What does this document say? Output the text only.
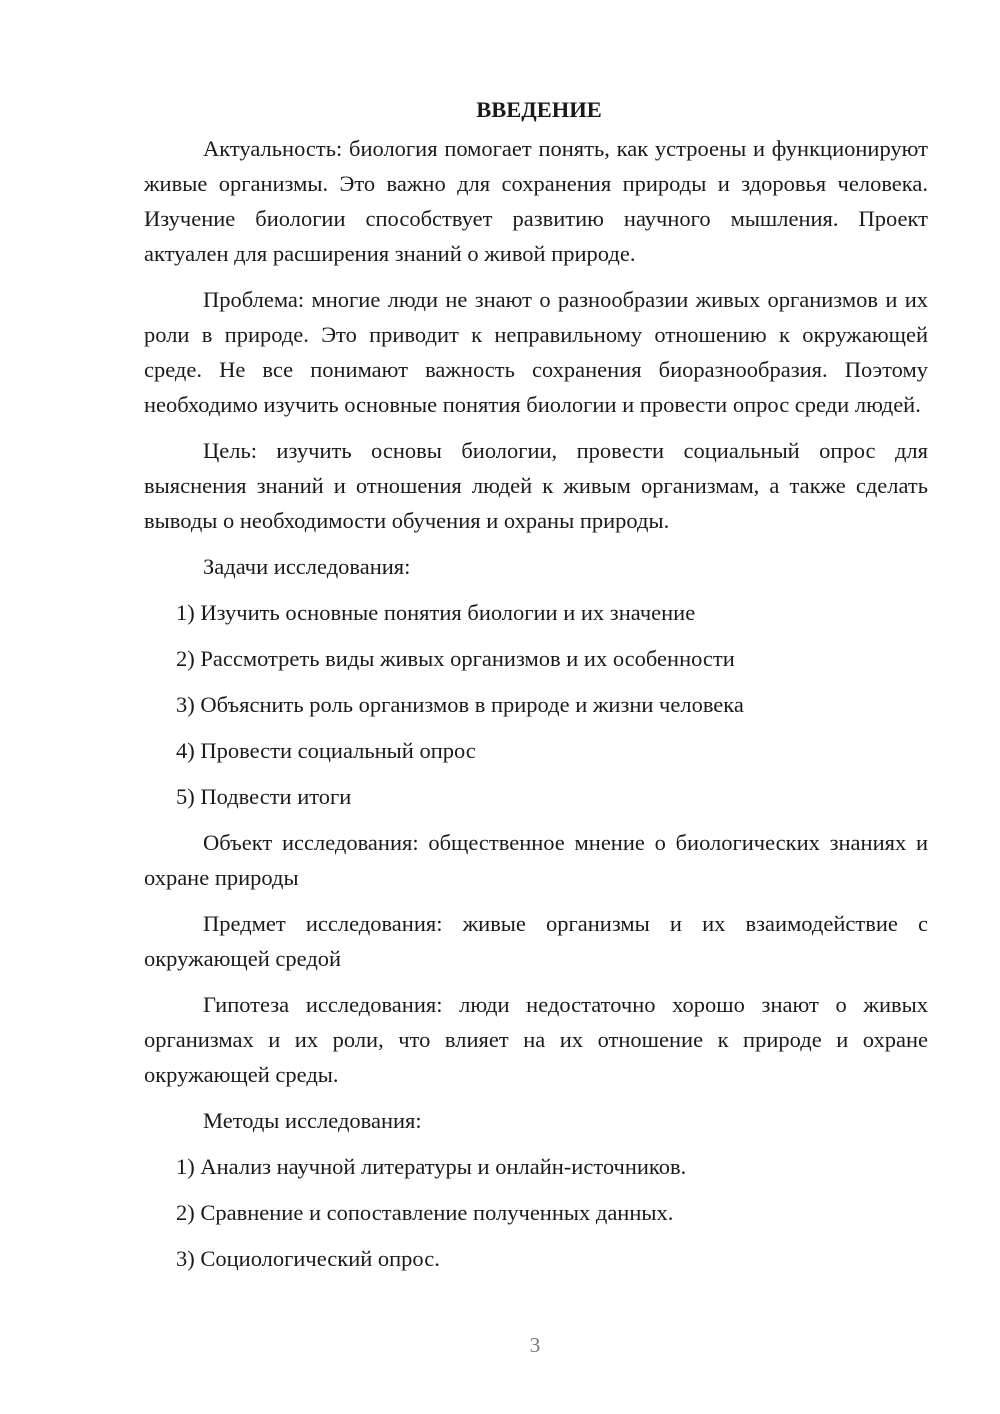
ВВЕДЕНИЕ

Актуальность: биология помогает понять, как устроены и функционируют живые организмы. Это важно для сохранения природы и здоровья человека. Изучение биологии способствует развитию научного мышления. Проект актуален для расширения знаний о живой природе.

Проблема: многие люди не знают о разнообразии живых организмов и их роли в природе. Это приводит к неправильному отношению к окружающей среде. Не все понимают важность сохранения биоразнообразия. Поэтому необходимо изучить основные понятия биологии и провести опрос среди людей.

Цель: изучить основы биологии, провести социальный опрос для выяснения знаний и отношения людей к живым организмам, а также сделать выводы о необходимости обучения и охраны природы.

Задачи исследования:

1) Изучить основные понятия биологии и их значение
2) Рассмотреть виды живых организмов и их особенности
3) Объяснить роль организмов в природе и жизни человека
4) Провести социальный опрос
5) Подвести итоги

Объект исследования: общественное мнение о биологических знаниях и охране природы

Предмет исследования: живые организмы и их взаимодействие с окружающей средой

Гипотеза исследования: люди недостаточно хорошо знают о живых организмах и их роли, что влияет на их отношение к природе и охране окружающей среды.

Методы исследования:

1) Анализ научной литературы и онлайн-источников.
2) Сравнение и сопоставление полученных данных.
3) Социологический опрос.
3
